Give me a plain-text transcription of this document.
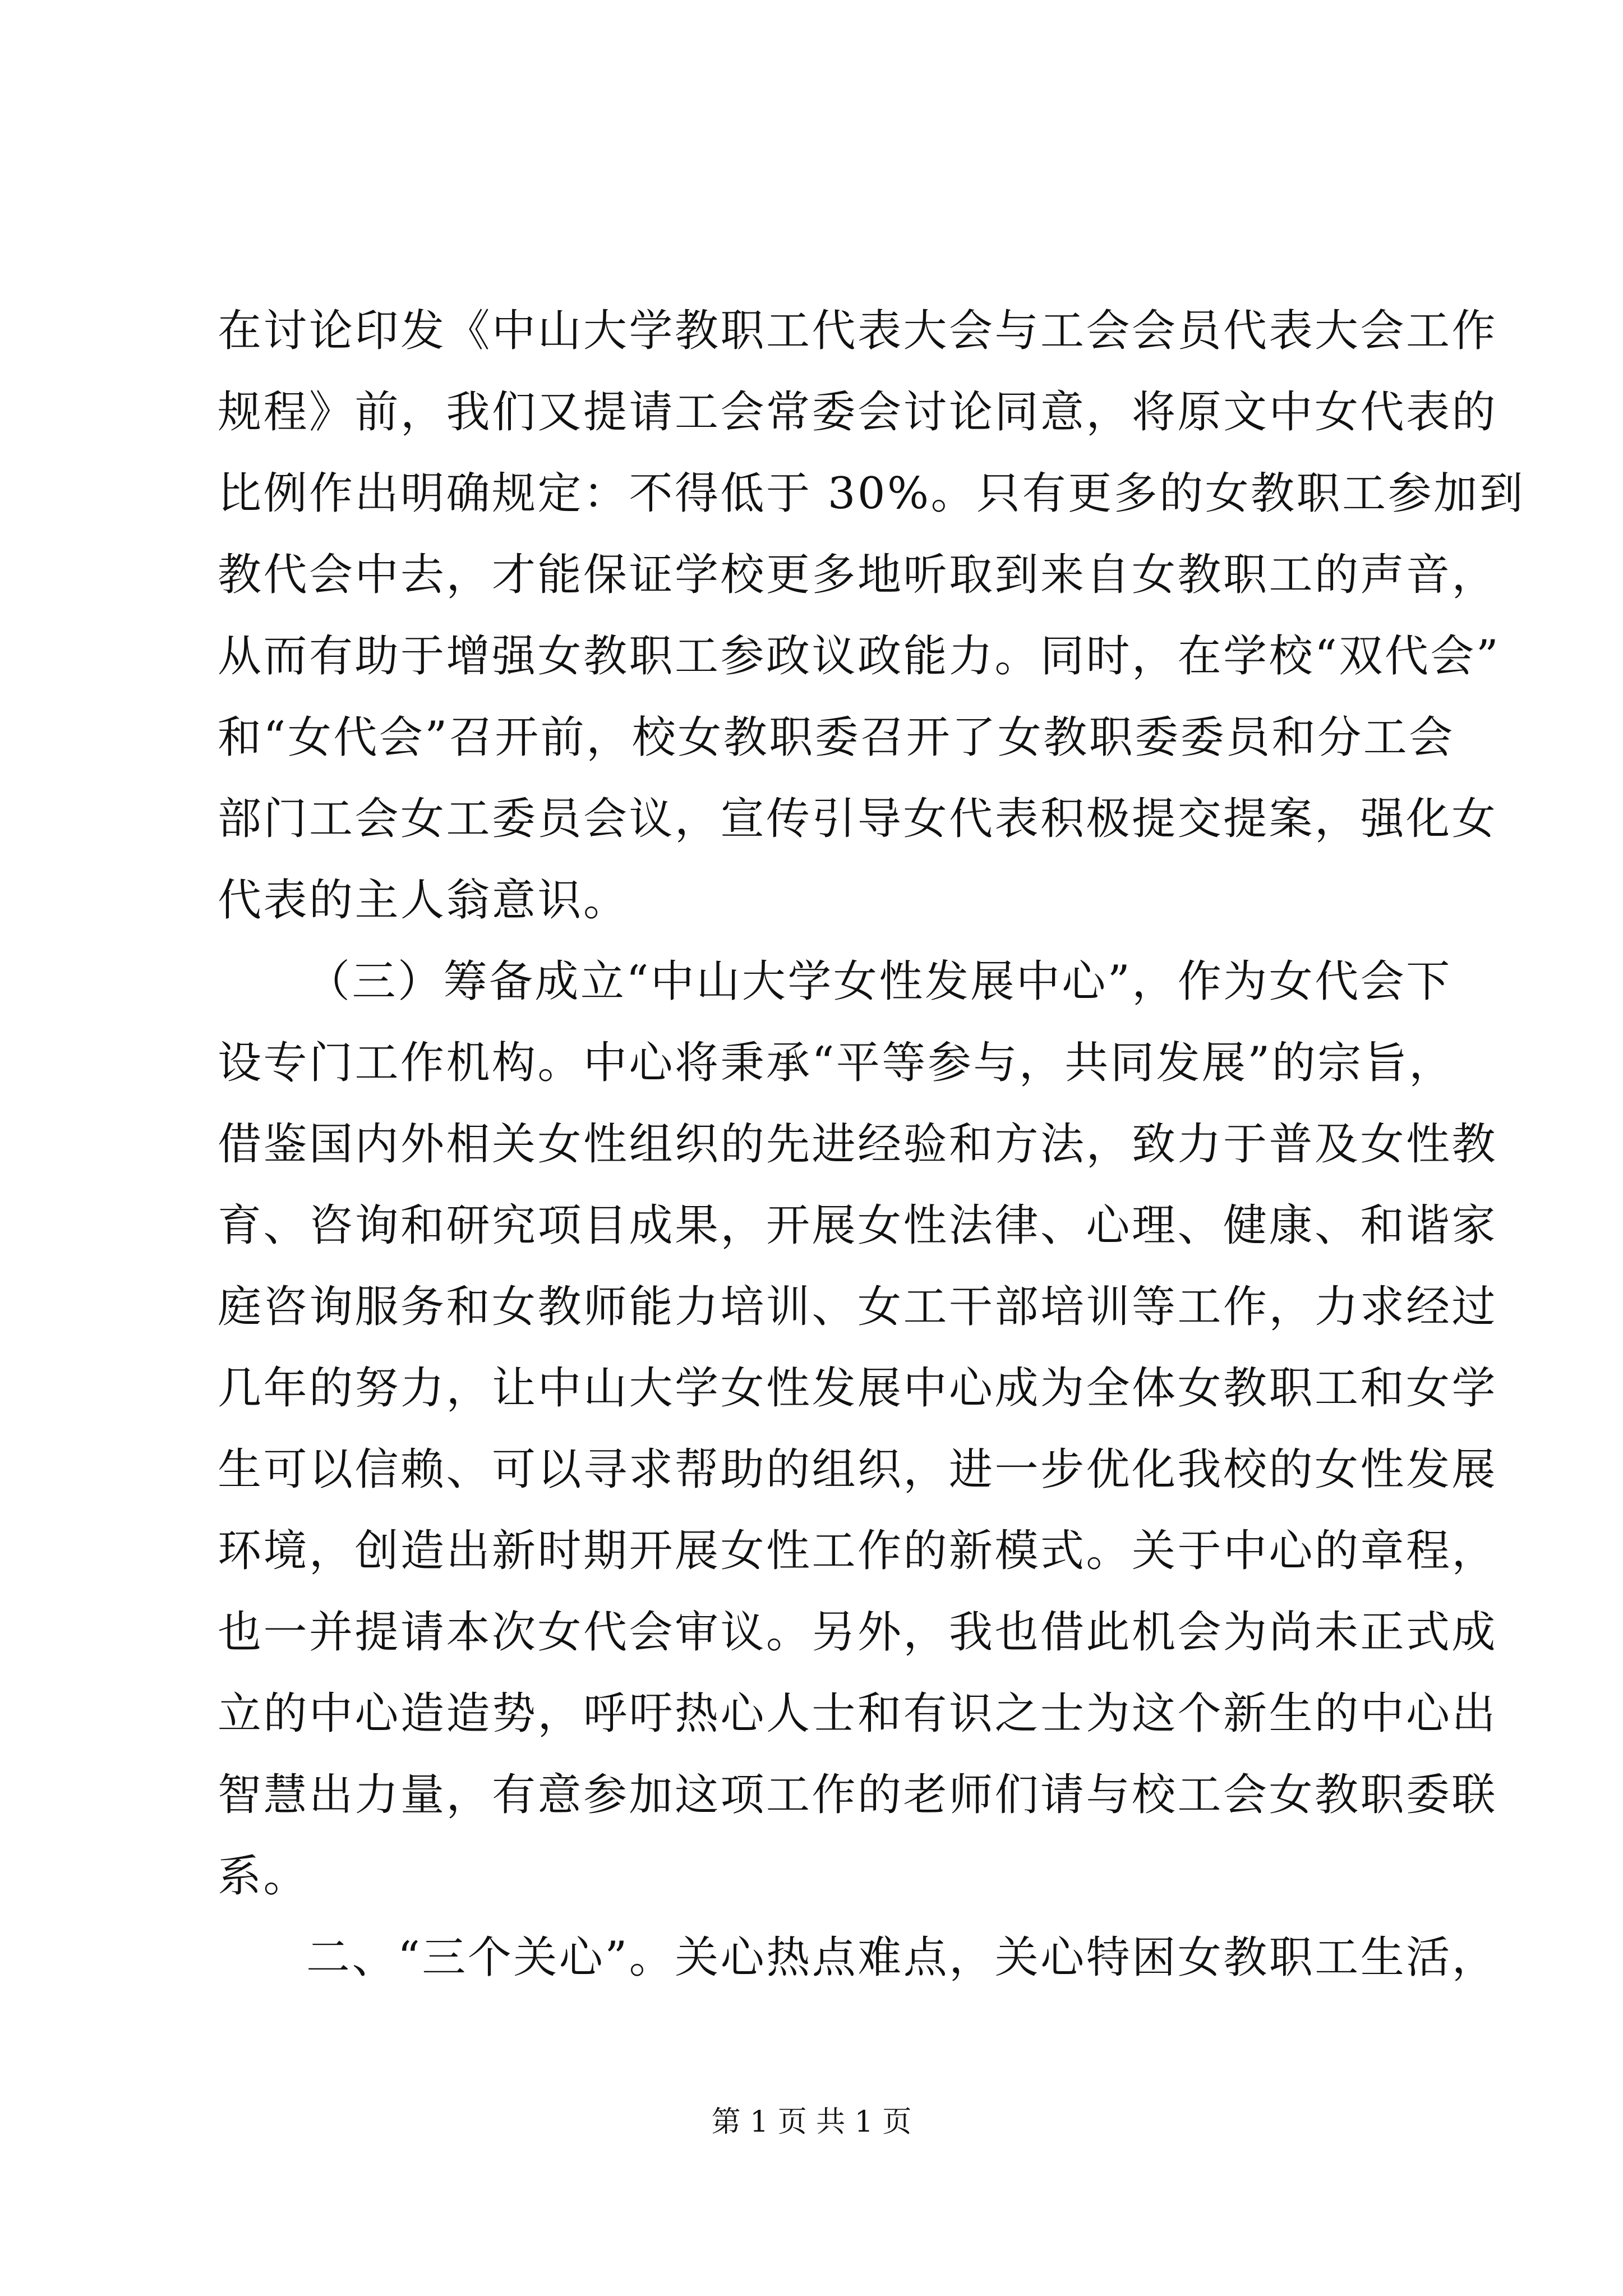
在讨论印发《中山大学教职工代表大会与工会会员代表大会工作
规程》前，我们又提请工会常委会讨论同意，将原文中女代表的
比例作出明确规定：不得低于 30%。只有更多的女教职工参加到
教代会中去，才能保证学校更多地听取到来自女教职工的声音，
从而有助于增强女教职工参政议政能力。同时，在学校“双代会”
和“女代会”召开前，校女教职委召开了女教职委委员和分工会
部门工会女工委员会议，宣传引导女代表积极提交提案，强化女
代表的主人翁意识。
（三）筹备成立“中山大学女性发展中心”，作为女代会下
设专门工作机构。中心将秉承“平等参与，共同发展”的宗旨，
借鉴国内外相关女性组织的先进经验和方法，致力于普及女性教
育、咨询和研究项目成果，开展女性法律、心理、健康、和谐家
庭咨询服务和女教师能力培训、女工干部培训等工作，力求经过
几年的努力，让中山大学女性发展中心成为全体女教职工和女学
生可以信赖、可以寻求帮助的组织，进一步优化我校的女性发展
环境，创造出新时期开展女性工作的新模式。关于中心的章程，
也一并提请本次女代会审议。另外，我也借此机会为尚未正式成
立的中心造造势，呼吁热心人士和有识之士为这个新生的中心出
智慧出力量，有意参加这项工作的老师们请与校工会女教职委联
系。
二、“三个关心”。关心热点难点，关心特困女教职工生活，
第 1 页 共 1 页
